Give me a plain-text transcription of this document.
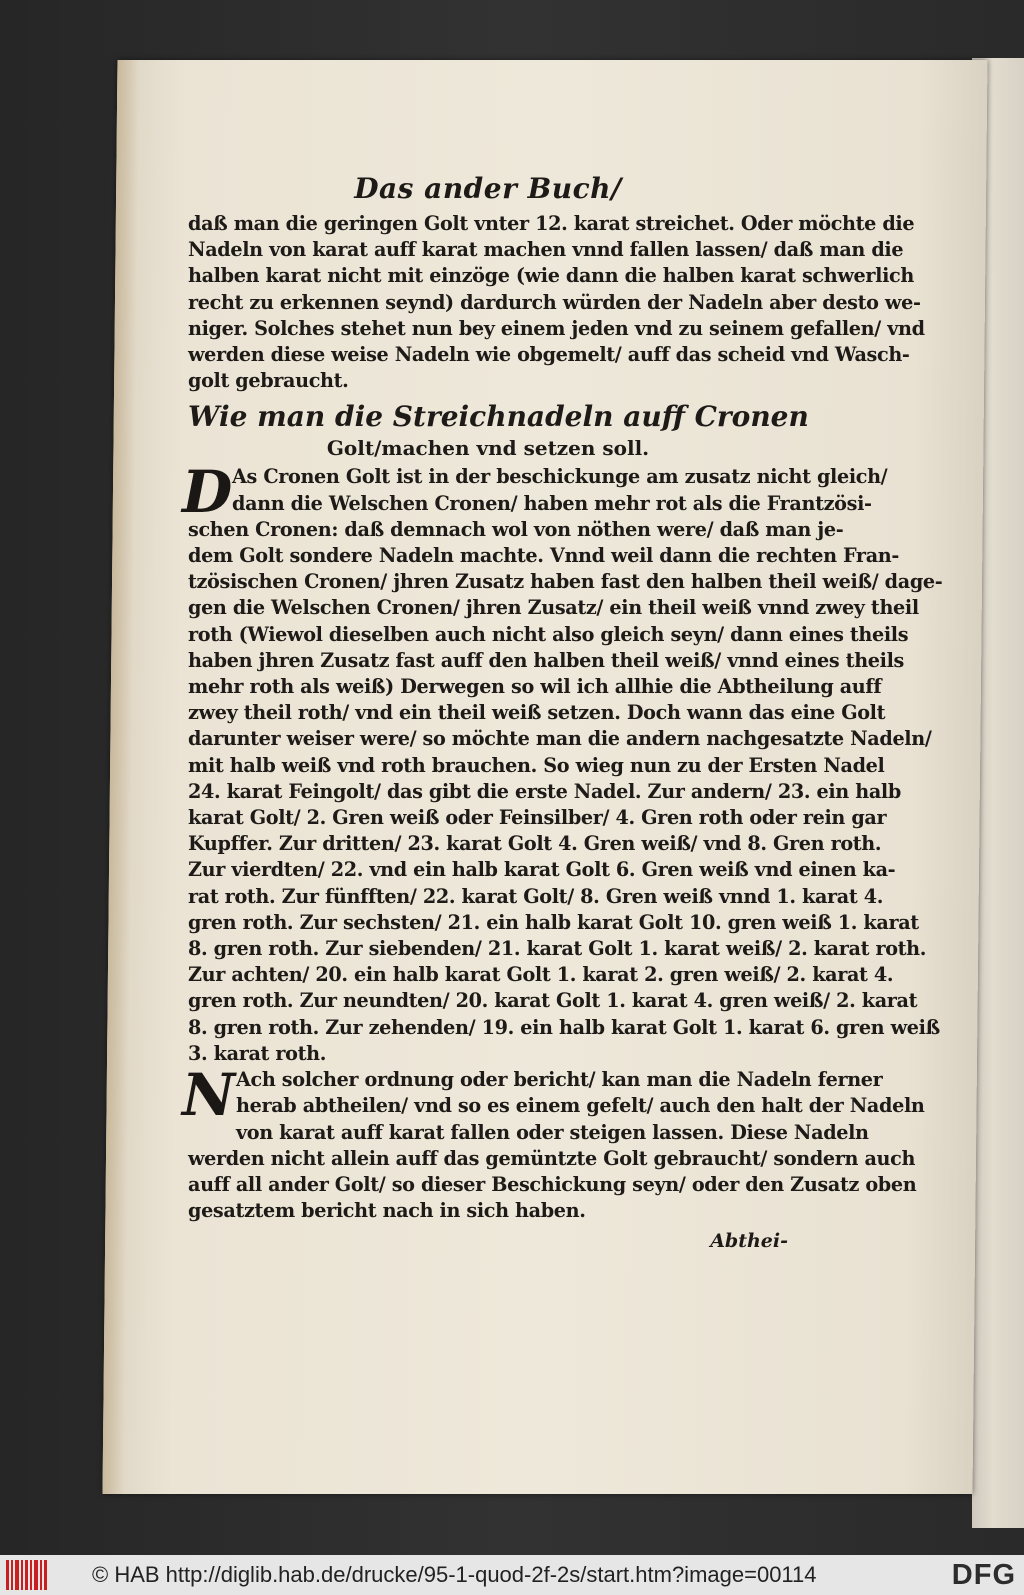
Das ander Buch/

daß man die geringen Golt vnter 12. karat streichet. Oder möchte die

Nadeln von karat auff karat machen vnnd fallen lassen/ daß man die

halben karat nicht mit einzöge (wie dann die halben karat schwerlich

recht zu erkennen seynd) dardurch würden der Nadeln aber desto we-

niger. Solches stehet nun bey einem jeden vnd zu seinem gefallen/ vnd

werden diese weise Nadeln wie obgemelt/ auff das scheid vnd Wasch-

golt gebraucht.

Wie man die Streichnadeln auff Cronen
Golt/machen vnd setzen soll.
D As Cronen Golt ist in der beschickunge am zusatz nicht gleich/

dann die Welschen Cronen/ haben mehr rot als die Frantzösi-

schen Cronen: daß demnach wol von nöthen were/ daß man je-

dem Golt sondere Nadeln machte. Vnnd weil dann die rechten Fran-

tzösischen Cronen/ jhren Zusatz haben fast den halben theil weiß/ dage-

gen die Welschen Cronen/ jhren Zusatz/ ein theil weiß vnnd zwey theil

roth (Wiewol dieselben auch nicht also gleich seyn/ dann eines theils

haben jhren Zusatz fast auff den halben theil weiß/ vnnd eines theils

mehr roth als weiß) Derwegen so wil ich allhie die Abtheilung auff

zwey theil roth/ vnd ein theil weiß setzen. Doch wann das eine Golt

darunter weiser were/ so möchte man die andern nachgesatzte Nadeln/

mit halb weiß vnd roth brauchen. So wieg nun zu der Ersten Nadel

24. karat Feingolt/ das gibt die erste Nadel. Zur andern/ 23. ein halb

karat Golt/ 2. Gren weiß oder Feinsilber/ 4. Gren roth oder rein gar

Kupffer. Zur dritten/ 23. karat Golt 4. Gren weiß/ vnd 8. Gren roth.

Zur vierdten/ 22. vnd ein halb karat Golt 6. Gren weiß vnd einen ka-

rat roth. Zur fünfften/ 22. karat Golt/ 8. Gren weiß vnnd 1. karat 4.

gren roth. Zur sechsten/ 21. ein halb karat Golt 10. gren weiß 1. karat

8. gren roth. Zur siebenden/ 21. karat Golt 1. karat weiß/ 2. karat roth.

Zur achten/ 20. ein halb karat Golt 1. karat 2. gren weiß/ 2. karat 4.

gren roth. Zur neundten/ 20. karat Golt 1. karat 4. gren weiß/ 2. karat

8. gren roth. Zur zehenden/ 19. ein halb karat Golt 1. karat 6. gren weiß

3. karat roth.

N Ach solcher ordnung oder bericht/ kan man die Nadeln ferner

herab abtheilen/ vnd so es einem gefelt/ auch den halt der Nadeln

von karat auff karat fallen oder steigen lassen. Diese Nadeln

werden nicht allein auff das gemüntzte Golt gebraucht/ sondern auch

auff all ander Golt/ so dieser Beschickung seyn/ oder den Zusatz oben

gesatztem bericht nach in sich haben.

Abthei-
© HAB http://diglib.hab.de/drucke/95-1-quod-2f-2s/start.htm?image=00114	DFG
